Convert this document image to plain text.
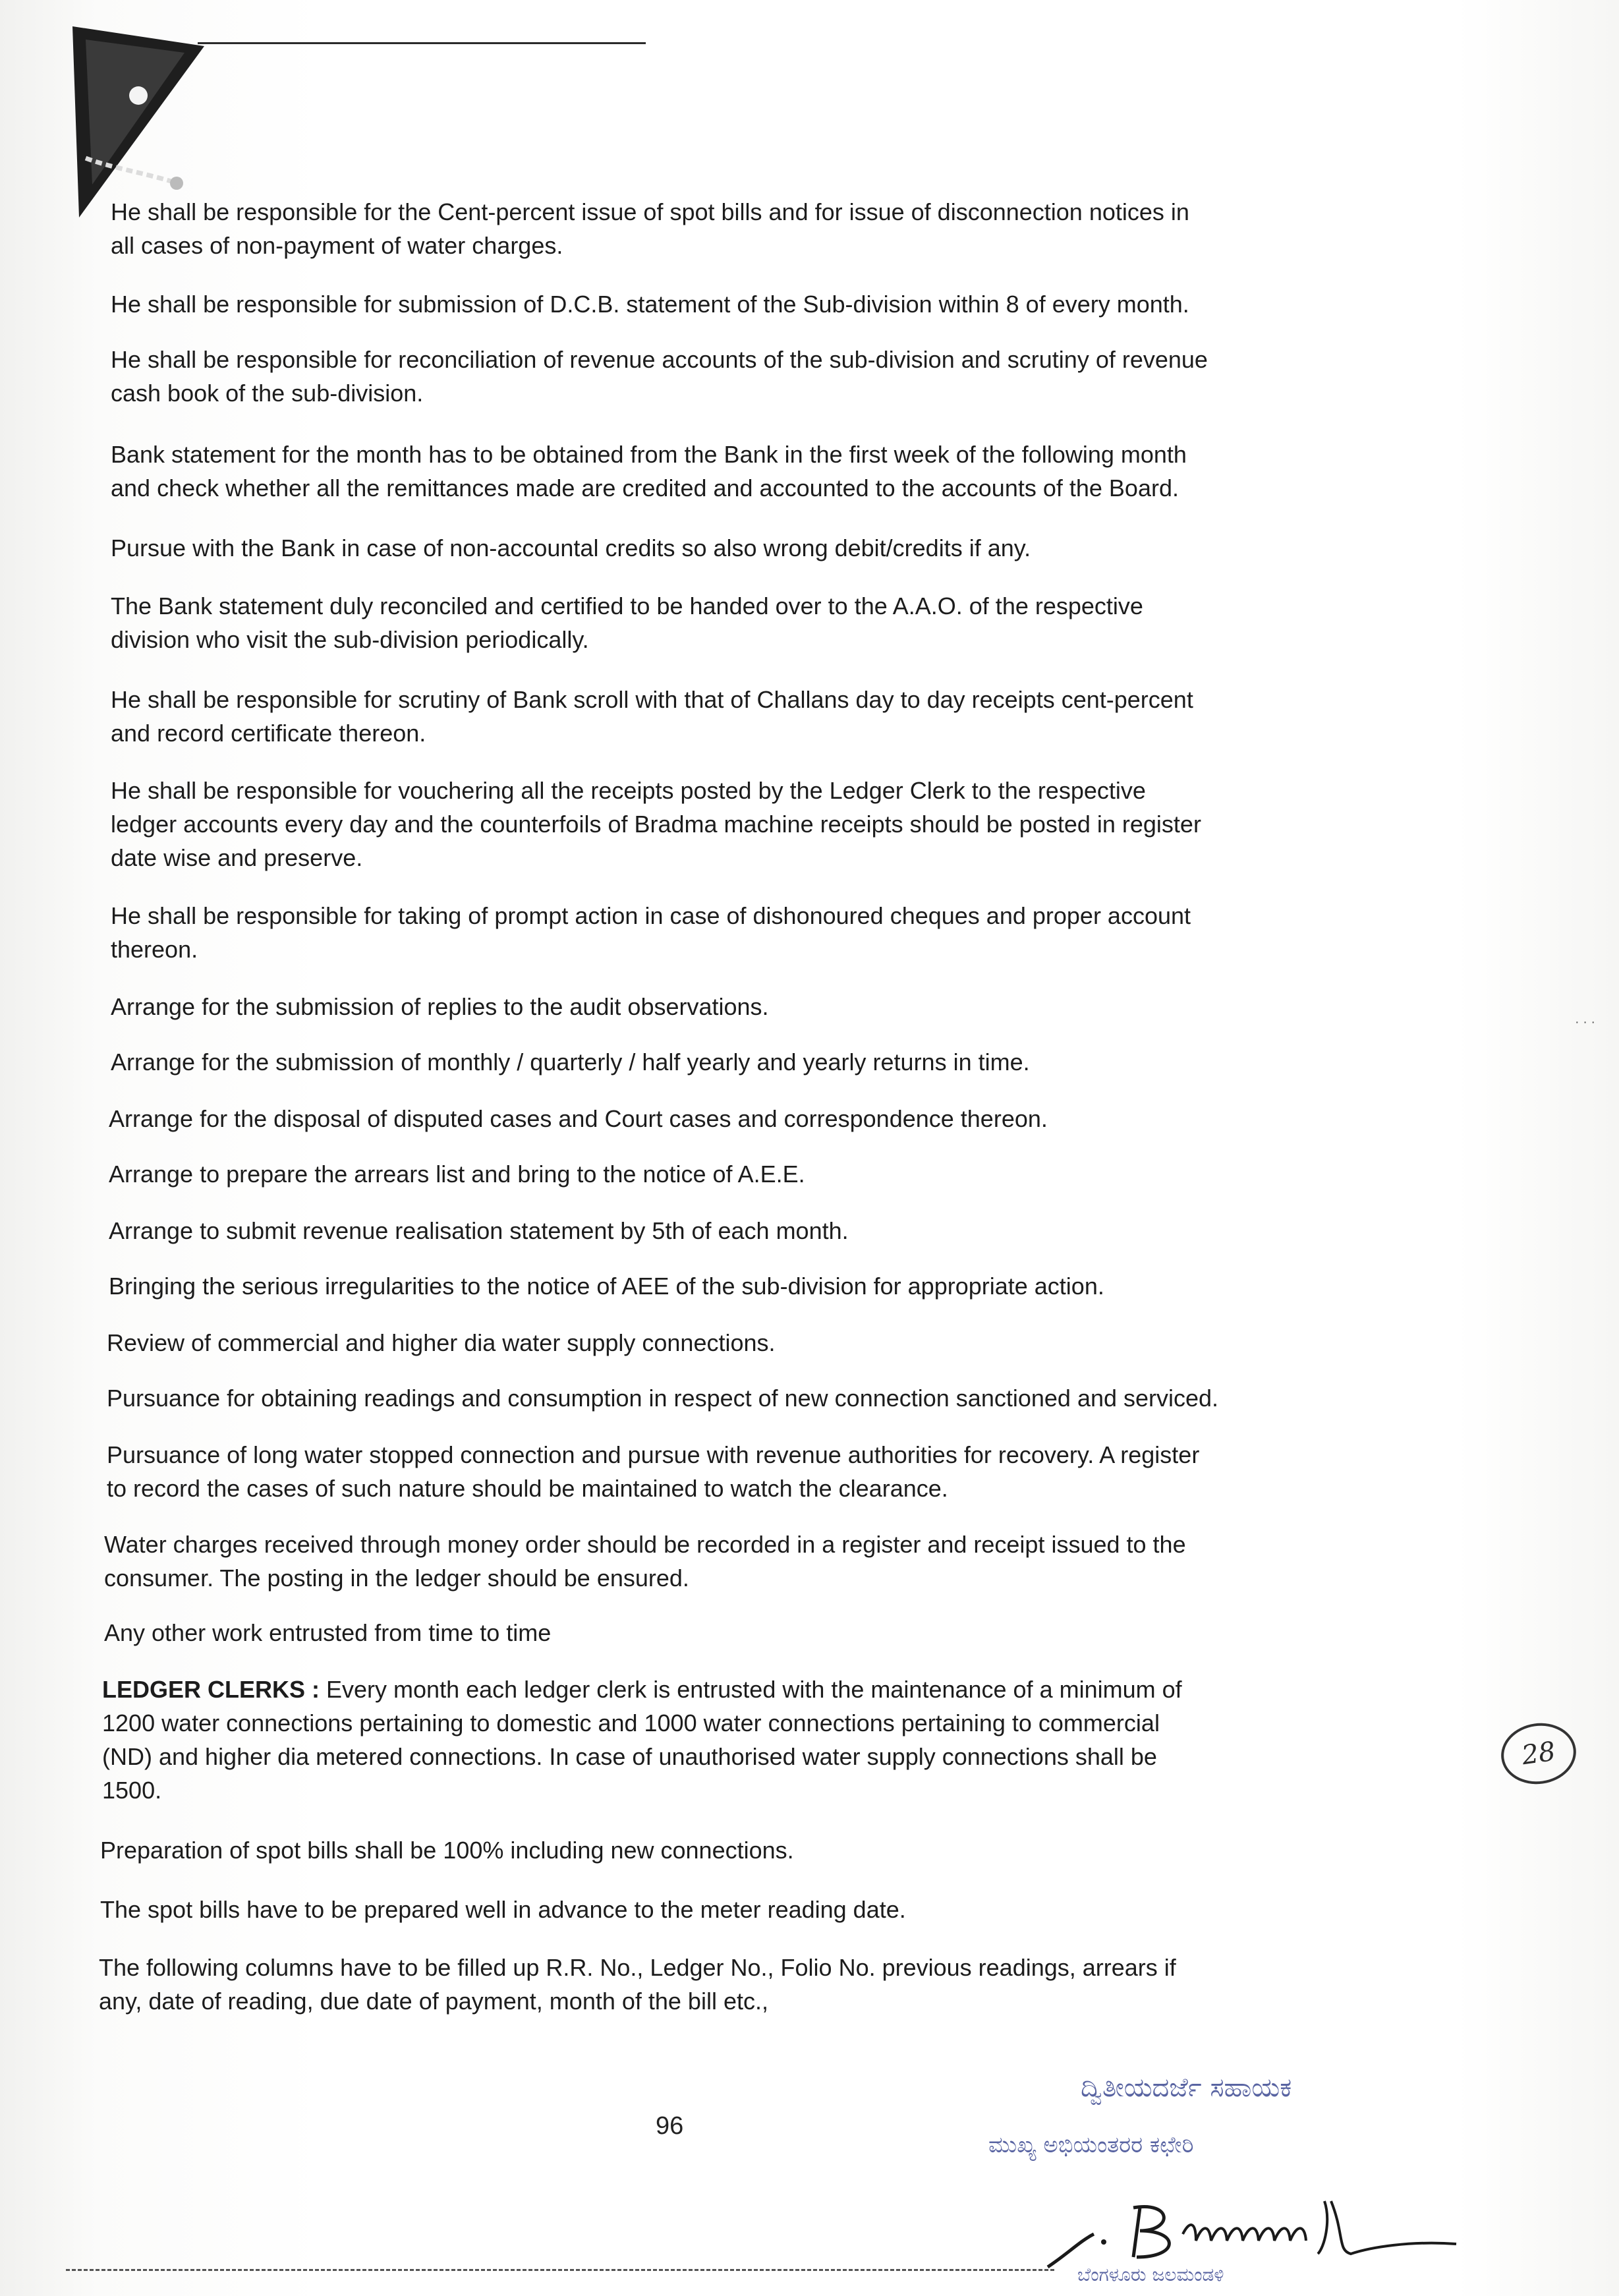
He shall be responsible for the Cent-percent issue of spot bills and for issue of disconnection notices in
all cases of non-payment of water charges.

He shall be responsible for submission of D.C.B. statement of the Sub-division within 8 of every month.

He shall be responsible for reconciliation of revenue accounts of the sub-division and scrutiny of revenue
cash book of the sub-division.

Bank statement for the month has to be obtained from the Bank in the first week of the following month
and check whether all the remittances made are credited and accounted to the accounts of the Board.

Pursue with the Bank in case of non-accountal credits so also wrong debit/credits if any.

The Bank statement duly reconciled and certified to be handed over to the A.A.O. of the respective
division who visit the sub-division periodically.

He shall be responsible for scrutiny of Bank scroll with that of Challans day to day receipts cent-percent
and record certificate thereon.

He shall be responsible for vouchering all the receipts posted by the Ledger Clerk to the respective
ledger accounts every day and the counterfoils of Bradma machine receipts should be posted in register
date wise and preserve.

He shall be responsible for taking of prompt action in case of dishonoured cheques and proper account
thereon.

Arrange for the submission of replies to the audit observations.

Arrange for the submission of monthly / quarterly / half yearly and yearly returns in time.

Arrange for the disposal of disputed cases and Court cases and correspondence thereon.

Arrange to prepare the arrears list and bring to the notice of A.E.E.

Arrange to submit revenue realisation statement by 5th of each month.

Bringing the serious irregularities to the notice of AEE of the sub-division for appropriate action.

Review of commercial and higher dia water supply connections.

Pursuance for obtaining readings and consumption in respect of new connection sanctioned and serviced.

Pursuance of long water stopped connection and pursue with revenue authorities for recovery. A register
to record the cases of such nature should be maintained to watch the clearance.

Water charges received through money order should be recorded in a register and receipt issued to the
consumer. The posting in the ledger should be ensured.

Any other work entrusted from time to time

LEDGER CLERKS : Every month each ledger clerk is entrusted with the maintenance of a minimum of
1200 water connections pertaining to domestic and 1000 water connections pertaining to commercial
(ND) and higher dia metered connections. In case of unauthorised water supply connections shall be
1500.

Preparation of spot bills shall be 100% including new connections.

The spot bills have to be prepared well in advance to the meter reading date.

The following columns have to be filled up R.R. No., Ledger No., Folio No. previous readings, arrears if
any, date of reading, due date of payment, month of the bill etc.,

28
96
ದ್ವಿತೀಯದರ್ಜೆ ಸಹಾಯಕ
ಮುಖ್ಯ ಅಭಿಯಂತರರ ಕಛೇರಿ
ಬೆಂಗಳೂರು ಜಲಮಂಡಳಿ
· · ·
